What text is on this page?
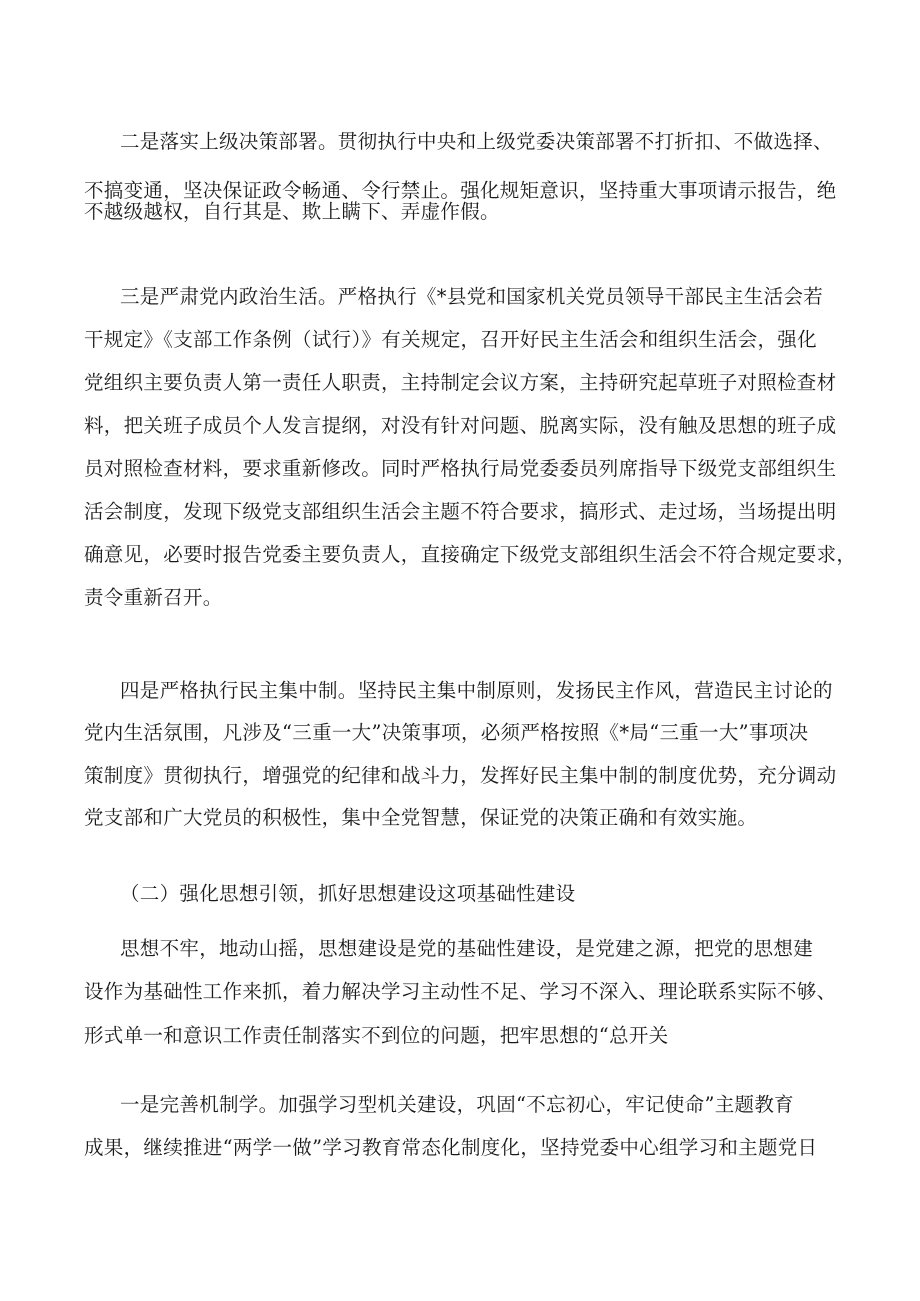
二是落实上级决策部署。贯彻执行中央和上级党委决策部署不打折扣、不做选择、
不搞变通，坚决保证政令畅通、令行禁止。强化规矩意识，坚持重大事项请示报告，绝
不越级越权，自行其是、欺上瞒下、弄虚作假。
三是严肃党内政治生活。严格执行《*县党和国家机关党员领导干部民主生活会若
干规定》《支部工作条例（试行）》有关规定，召开好民主生活会和组织生活会，强化
党组织主要负责人第一责任人职责，主持制定会议方案，主持研究起草班子对照检查材
料，把关班子成员个人发言提纲，对没有针对问题、脱离实际，没有触及思想的班子成
员对照检查材料，要求重新修改。同时严格执行局党委委员列席指导下级党支部组织生
活会制度，发现下级党支部组织生活会主题不符合要求，搞形式、走过场，当场提出明
确意见，必要时报告党委主要负责人，直接确定下级党支部组织生活会不符合规定要求，
责令重新召开。
四是严格执行民主集中制。坚持民主集中制原则，发扬民主作风，营造民主讨论的
党内生活氛围，凡涉及“三重一大”决策事项，必须严格按照《*局“三重一大”事项决
策制度》贯彻执行，增强党的纪律和战斗力，发挥好民主集中制的制度优势，充分调动
党支部和广大党员的积极性，集中全党智慧，保证党的决策正确和有效实施。
（二）强化思想引领，抓好思想建设这项基础性建设
思想不牢，地动山摇，思想建设是党的基础性建设，是党建之源，把党的思想建
设作为基础性工作来抓，着力解决学习主动性不足、学习不深入、理论联系实际不够、
形式单一和意识工作责任制落实不到位的问题，把牢思想的“总开关
一是完善机制学。加强学习型机关建设，巩固“不忘初心，牢记使命”主题教育
成果，继续推进“两学一做”学习教育常态化制度化，坚持党委中心组学习和主题党日
